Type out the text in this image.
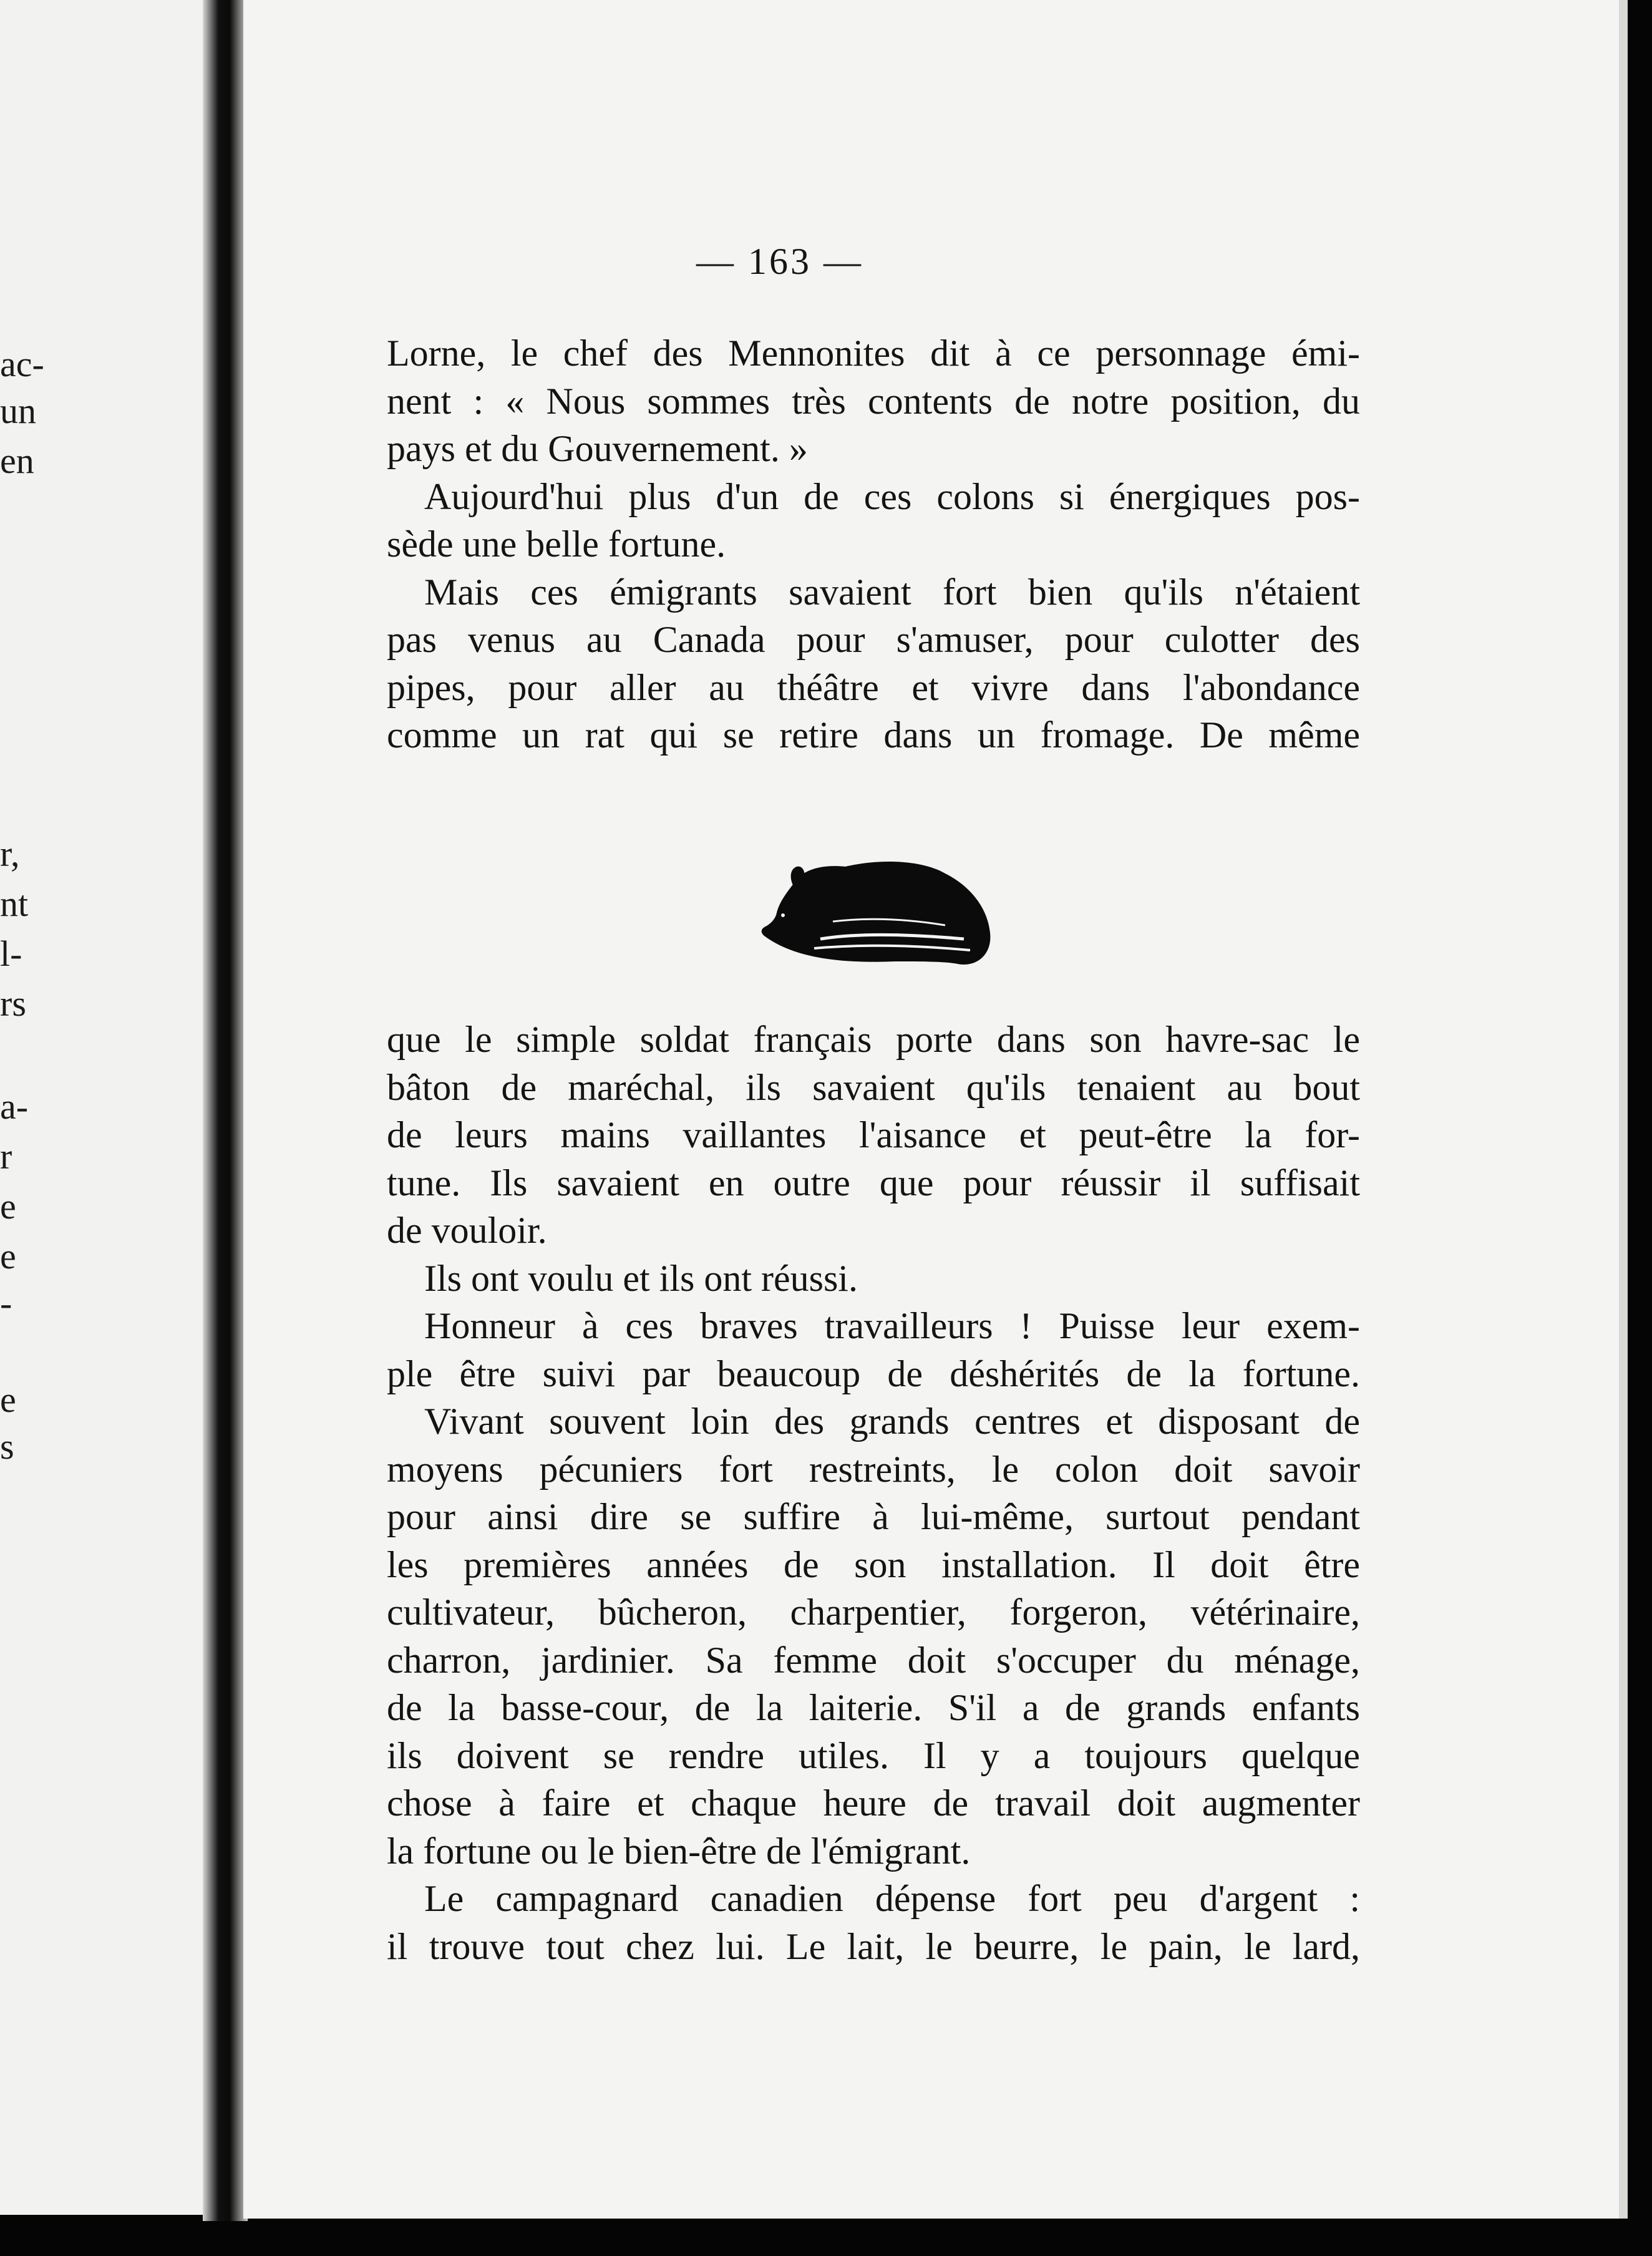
ac-
un
en
r,
nt
l-
rs
a-
r
e
e
-
e
s
— 163 —
Lorne, le chef des Mennonites dit à ce personnage émi-
nent : « Nous sommes très contents de notre position, du
pays et du Gouvernement. »
Aujourd'hui plus d'un de ces colons si énergiques pos-
sède une belle fortune.
Mais ces émigrants savaient fort bien qu'ils n'étaient
pas venus au Canada pour s'amuser, pour culotter des
pipes, pour aller au théâtre et vivre dans l'abondance
comme un rat qui se retire dans un fromage. De même
que le simple soldat français porte dans son havre-sac le
bâton de maréchal, ils savaient qu'ils tenaient au bout
de leurs mains vaillantes l'aisance et peut-être la for-
tune. Ils savaient en outre que pour réussir il suffisait
de vouloir.
Ils ont voulu et ils ont réussi.
Honneur à ces braves travailleurs ! Puisse leur exem-
ple être suivi par beaucoup de déshérités de la fortune.
Vivant souvent loin des grands centres et disposant de
moyens pécuniers fort restreints, le colon doit savoir
pour ainsi dire se suffire à lui-même, surtout pendant
les premières années de son installation. Il doit être
cultivateur, bûcheron, charpentier, forgeron, vétérinaire,
charron, jardinier. Sa femme doit s'occuper du ménage,
de la basse-cour, de la laiterie. S'il a de grands enfants
ils doivent se rendre utiles. Il y a toujours quelque
chose à faire et chaque heure de travail doit augmenter
la fortune ou le bien-être de l'émigrant.
Le campagnard canadien dépense fort peu d'argent :
il trouve tout chez lui. Le lait, le beurre, le pain, le lard,
